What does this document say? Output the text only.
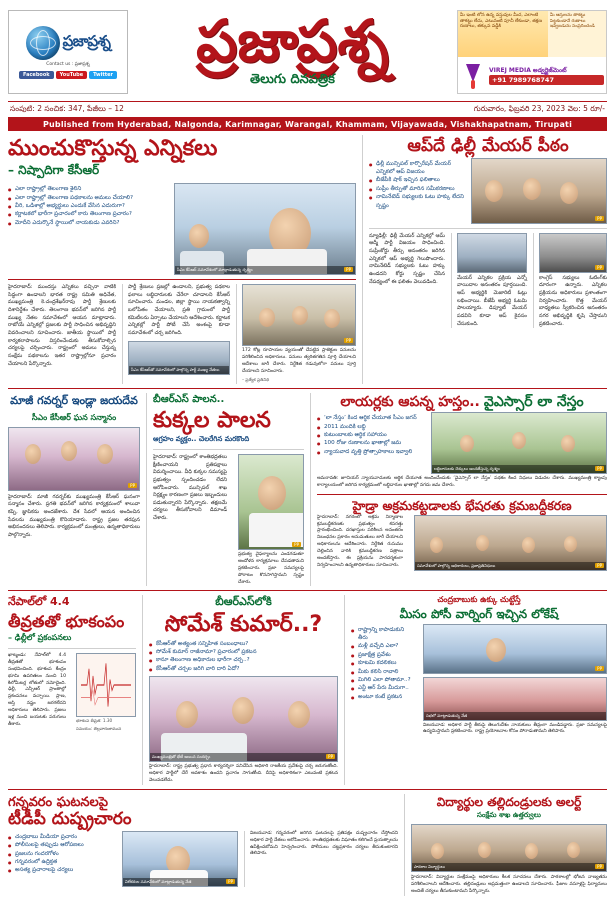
ప్రజాప్రశ్న
Contact us : ప్రజాప్రశ్న
Facebook	YouTube	Twitter	ప్రజాప్రశ్న
తెలుగు దినపత్రిక
మీ ఇంటి లోన ఉన్న వస్తువుల మీద, ఎలాంటి తాకట్టు లేదు, ఎటువంటి పూచీ లేకుండా, తక్షణ రుణాలు, తక్కువ వడ్డీకి
మీ ఆస్తులను తాకట్టు పెట్టకుండానే రుణాలు ఇవ్వబడును సంప్రదించండి
VIREJ MEDIA అడ్వర్టైజ్‌మెంట్
+91 7989768747
సంపుటి: 2 సంచిక: 347, పేజీలు – 12	గురువారం, ఫిబ్రవరి 23, 2023 వెల: 5 రూ/-
Published from Hyderabad, Nalgonda, Karimnagar, Warangal, Khammam, Vijayawada, Vishakhapatnam, Tirupati
ముంచుకొస్తున్న ఎన్నికలు
– నిష్పాదిగా కేసీఆర్
● ఎలా రాష్ట్రాల్లో తెలంగాణ శైలిని
● ఎలా రాష్ట్రాల్లో తెలంగాణ పథకాలను అమలు చేయాలి?
● వీరి, ఒడిశాల్లో అభ్యర్థులు ఎందుకే వేసిన ఎదురుగా?
● కర్ణాటకలో భారీగా ప్రచారంలో కారు తెలంగాణ ప్రచారం?
● మోదీని ఎదుర్కొనే స్థాయిలో నాయకుడు ఎవరిని?
సీఎం కేసీఆర్ సమావేశంలో మాట్లాడుతున్న దృశ్యం	PP
హైదరాబాద్: ముందస్తు ఎన్నికలు వచ్చినా వాటికి సిద్ధంగా ఉండాలని భారత రాష్ట్ర సమితి అధినేత, ముఖ్యమంత్రి కె.చంద్రశేఖర్‌రావు పార్టీ శ్రేణులకు దిశానిర్దేశం చేశారు. తెలంగాణ భవన్‌లో జరిగిన పార్టీ ముఖ్య నేతల సమావేశంలో ఆయన మాట్లాడారు. రాబోయే ఎన్నికల్లో ప్రజలకు పార్టీ సాధించిన అభివృద్ధిని వివరించాలని సూచించారు. జాతీయ స్థాయిలో పార్టీ కార్యకలాపాలను విస్తరించేందుకు తీసుకోవాల్సిన చర్యలపై చర్చించారు. రాష్ట్రంలో అమలు చేస్తున్న సంక్షేమ పథకాలను ఇతర రాష్ట్రాల్లోనూ ప్రచారం చేయాలని పేర్కొన్నారు.
పార్టీ శ్రేణులు ప్రజల్లో ఉండాలని, ప్రభుత్వ పథకాల ఫలాలు లబ్ధిదారులకు చేరేలా చూడాలని కేసీఆర్ సూచించారు. మండల, జిల్లా స్థాయి నాయకత్వాన్ని బలోపేతం చేయాలని, ప్రతి గ్రామంలో పార్టీ కమిటీలను ఏర్పాటు చేయాలని ఆదేశించారు. కర్ణాటక ఎన్నికల్లో పార్టీ పోటీ చేసే అంశంపై కూడా సమావేశంలో చర్చ జరిగింది.
సీఎం కేసీఆర్‌తో సమావేశంలో పాల్గొన్న పార్టీ ముఖ్య నేతలు
PP
172 కోట్ల రూపాయల వ్యయంతో చేపట్టిన ప్రాజెక్టుల పనులను పరిశీలించిన అధికారులు. పనులు త్వరితగతిన పూర్తి చేయాలని ఆదేశాలు జారీ చేశారు. నిర్దేశిత గడువులోగా పనులు పూర్తి చేయాలని సూచించారు.
– ప్రత్యేక ప్రతినిధి
ఆప్‌దే ఢిల్లీ మేయర్ పీఠం
● ఢిల్లీ మున్సిపల్ కార్పొరేషన్ మేయర్ ఎన్నికలో ఆప్ విజయం
● బీజేపీకి షాక్ ఇచ్చిన ఫలితాలు
● సుప్రీం తీర్పుతో మారిన సమీకరణాలు
● నామినేటెడ్ సభ్యులకు ఓటు హక్కు లేదని స్పష్టం
PP
న్యూఢిల్లీ: ఢిల్లీ మేయర్ ఎన్నికల్లో ఆమ్ ఆద్మీ పార్టీ విజయం సాధించింది. సుప్రీంకోర్టు తీర్పు అనంతరం జరిగిన ఎన్నికలో ఆప్ అభ్యర్థి గెలుపొందారు. నామినేటెడ్ సభ్యులకు ఓటు హక్కు ఉండదని కోర్టు స్పష్టం చేసిన నేపథ్యంలో ఈ ఫలితం వెలువడింది.
మేయర్ ఎన్నికల ప్రక్రియ ఎన్నో వాయిదాల అనంతరం పూర్తయింది. ఆప్ అభ్యర్థికి మెజారిటీ ఓట్లు లభించాయి. బీజేపీ అభ్యర్థి ఓటమి పాలయ్యారు. డిప్యూటీ మేయర్ పదవిని కూడా ఆప్ కైవసం చేసుకుంది.
PP
కాంగ్రెస్ సభ్యులు ఓటింగ్‌కు దూరంగా ఉన్నారు. ఎన్నికల ప్రక్రియను అధికారులు ప్రశాంతంగా నిర్వహించారు. కొత్త మేయర్ బాధ్యతలు స్వీకరించిన అనంతరం నగర అభివృద్ధికి కృషి చేస్తామని ప్రకటించారు.
మాజీ గవర్నర్ ఇండ్లా జయదేవ
సీఎం కేసీఆర్ ఘన సన్మానం
PP
హైదరాబాద్: మాజీ గవర్నర్‌కు ముఖ్యమంత్రి కేసీఆర్ ఘనంగా సన్మానం చేశారు. ప్రగతి భవన్‌లో జరిగిన కార్యక్రమంలో శాలువా కప్పి, జ్ఞాపికను అందజేశారు. దేశ సేవలో ఆయన అందించిన సేవలను ముఖ్యమంత్రి కొనియాడారు. రాష్ట్ర ప్రజల తరఫున అభినందనలు తెలిపారు. కార్యక్రమంలో మంత్రులు, ఉన్నతాధికారులు పాల్గొన్నారు.
బీఆర్ఎస్ పాలన..
కుక్కల పాలన
ఆగ్రహం వ్యక్తం.. చెలరేగిన మరకొంది
హైదరాబాద్: రాష్ట్రంలో శాంతిభద్రతలు క్షీణించాయని ప్రతిపక్షాలు విమర్శించాయి. వీధి కుక్కల సమస్యపై ప్రభుత్వం స్పందించడం లేదని ఆరోపించారు. మున్సిపల్ శాఖ నిర్లక్ష్యం కారణంగా ప్రజలు ఇబ్బందులు పడుతున్నారని పేర్కొన్నారు. తక్షణమే చర్యలు తీసుకోవాలని డిమాండ్ చేశారు.
PP
ప్రభుత్వ వైఫల్యాలను ఎండగడుతూ ఆందోళన కార్యక్రమాలు చేపడతామని ప్రకటించారు. ప్రజా సమస్యలపై పోరాటం కొనసాగిస్తామని స్పష్టం చేశారు.
లాయర్లకు ఆపన్న హస్తం.. వైఎస్సార్ లా నేస్తం
● ‘లా నేస్తం’ కింద ఆర్థిక చేయూత సీఎం జగన్
● 2011 మందికి లబ్ధి
● కుటుంబాలకు ఆర్థిక సహాయం
● 100 రోజు రుణాలను ఖాతాల్లో జమ
● న్యాయవాద వృత్తి ప్రోత్సాహకాలు ఇవ్వాలి
లబ్ధిదారులకు చెక్కులు అందజేస్తున్న దృశ్యం	PP
అమరావతి: జూనియర్ న్యాయవాదులకు ఆర్థిక చేయూత అందించేందుకు ‘వైఎస్సార్ లా నేస్తం’ పథకం కింద నిధులు విడుదల చేశారు. ముఖ్యమంత్రి క్యాంపు కార్యాలయంలో జరిగిన కార్యక్రమంలో లబ్ధిదారుల ఖాతాల్లో నగదు జమ చేశారు.
హైడ్రా అక్రమకట్టడాలకు భేషరతు క్రమబద్ధీకరణ
హైదరాబాద్: నగరంలో అక్రమ నిర్మాణాల క్రమబద్ధీకరణకు ప్రభుత్వం కసరత్తు ప్రారంభించింది. దరఖాస్తుల పరిశీలన అనంతరం నిబంధనల ప్రకారం అనుమతులు జారీ చేయాలని అధికారులను ఆదేశించారు. నిర్దేశిత రుసుము చెల్లించిన వారికి క్రమబద్ధీకరణ పత్రాలు అందజేస్తారు. ఈ ప్రక్రియను పారదర్శకంగా నిర్వహించాలని ఉన్నతాధికారులు సూచించారు.	సమావేశంలో పాల్గొన్న అధికారులు, ప్రజాప్రతినిధులు	PP
నేపాల్‌లో 4.4
తీవ్రతతో భూకంపం
– ఢిల్లీలో ప్రకంపనలు
ఖాట్మండు: నేపాల్‌లో 4.4 తీవ్రతతో భూకంపం సంభవించింది. భూకంప కేంద్రం భూమి ఉపరితలం నుంచి 10 కిలోమీటర్ల లోతులో నమోదైంది. ఢిల్లీ, ఎన్సీఆర్ ప్రాంతాల్లో ప్రకంపనలు వచ్చాయి. ప్రాణ, ఆస్తి నష్టం జరగలేదని అధికారులు తెలిపారు. ప్రజలు ఇళ్ల నుంచి బయటకు పరుగులు తీశారు.
భూకంప తీవ్రత: 1.30
సమయం: తెల్లవారుజామున
బీఆర్ఎస్‌లోకి
సోమేశ్ కుమార్..?
● కేసీఆర్‌తో అత్యంత సన్నిహిత సంబంధాలు?
● సోమేశ్ కుమార్ రాజీనామా? ప్రచారంలో ప్రకటన
● కానూ తెలంగాణ అధికారుల భారీగా చర్చ..?
● కేసీఆర్‌తో చర్చల జరిగి వారి దారి ఏదో?
ముఖ్యమంత్రితో భేటీ అయిన సందర్భం	PP
హైదరాబాద్: రాష్ట్ర ప్రభుత్వ ప్రధాన కార్యదర్శిగా పనిచేసిన అధికారి రాజకీయ ప్రవేశంపై చర్చ జరుగుతోంది. అధికార పార్టీలో చేరే అవకాశం ఉందని ప్రచారం సాగుతోంది. దీనిపై అధికారికంగా ఎటువంటి ప్రకటన వెలువడలేదు.
చంద్రబాబుకు ఉక్కు చుట్టేస్తే
మీసం పోసీ వార్నింగ్ ఇచ్చిన లోకేష్
● రాష్ట్రాన్ని కాపాడుకుని తీరు
● మళ్లీ వచ్చేది ఎలా?
● ప్రజాక్షేత్ర ప్రవేశం
● కూటమి కదలికలు
● మీకు కలిసి రావాలి
● మిగిలి ఎలా పోతామా..?
● ఎన్టీ ఆర్ పేరు మీదుగా..
● అంటూ కంటే ప్రకటన
PP
సభలో మాట్లాడుతున్న నేత
విజయవాడ: అధికార పార్టీ తీరుపై తెలుగుదేశం నాయకులు తీవ్రంగా మండిపడ్డారు. ప్రజా సమస్యలపై ఉద్యమిస్తామని ప్రకటించారు. రాష్ట్ర ప్రయోజనాల కోసం పోరాడుతామని తెలిపారు.
గన్నవరం ఘటనలపై
టీడీపీ దుష్ప్రచారం
● చంద్రబాబు మీడియా ప్రచారం
● పోలీసులపై తప్పుడు ఆరోపణలు
● ప్రజలను గందరగోళం
● గన్నవరంలో ఉద్రిక్తత
● అసత్య ప్రచారాలపై చర్యలు
విలేకరుల సమావేశంలో మాట్లాడుతున్న నేత	PP
విజయవాడ: గన్నవరంలో జరిగిన ఘటనలపై ప్రతిపక్షం దుష్ప్రచారం చేస్తోందని అధికార పార్టీ నేతలు ఆరోపించారు. శాంతిభద్రతలకు విఘాతం కలిగించే ప్రయత్నాలను ఉపేక్షించబోమని హెచ్చరించారు. పోలీసులు చట్టప్రకారం చర్యలు తీసుకుంటారని తెలిపారు.
విద్యార్థుల తల్లిదండ్రులకు అలర్ట్
సంక్షేమ శాఖ ఉత్తర్వులు
పాఠశాల విద్యార్థులు	PP
హైదరాబాద్: విద్యార్థుల సంక్షేమంపై అధికారులు కీలక సూచనలు చేశారు. పాఠశాలల్లో భోజన నాణ్యతను పరిశీలించాలని ఆదేశించారు. తల్లిదండ్రులు అప్రమత్తంగా ఉండాలని సూచించారు. ఫీజుల వసూళ్లపై ఫిర్యాదులు అందితే చర్యలు తీసుకుంటామని పేర్కొన్నారు.
